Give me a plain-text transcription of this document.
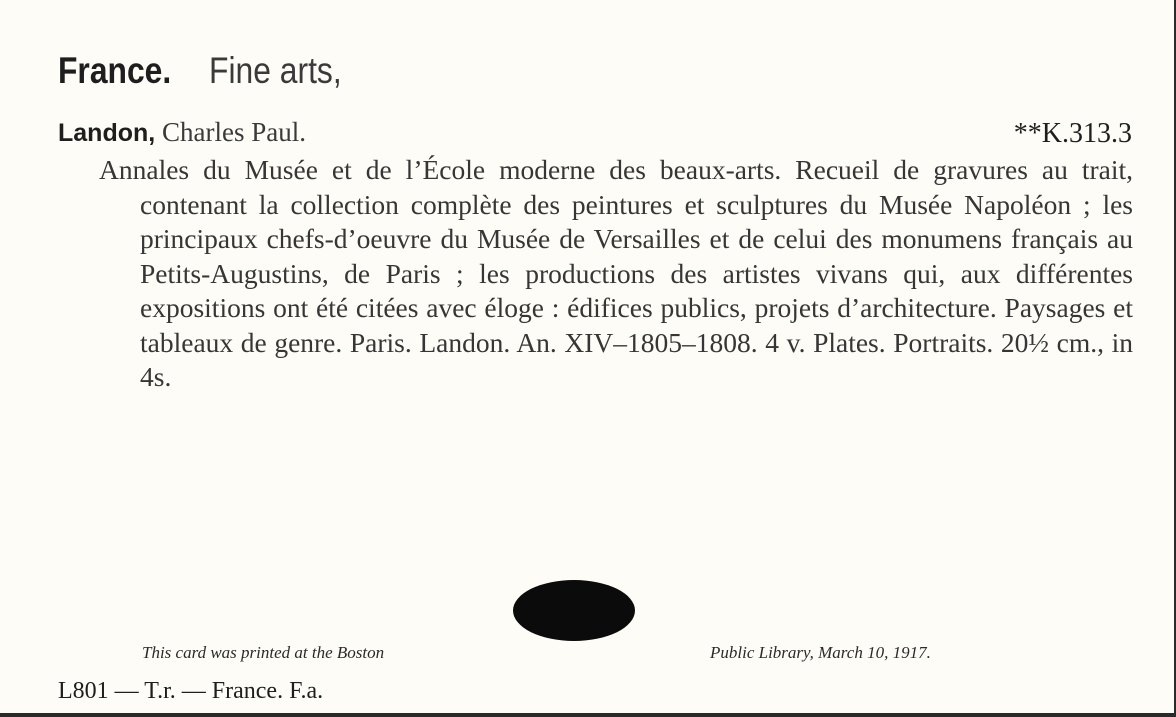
France. Fine arts,
Landon, Charles Paul.	**K.313.3

Annales du Musée et de l’École moderne des beaux-arts. Recueil de gravures au trait, contenant la collection complète des peintures et sculptures du Musée Napoléon ; les principaux chefs-d’oeuvre du Musée de Versailles et de celui des monumens français au Petits-Augustins, de Paris ; les productions des artistes vivans qui, aux différentes expositions ont été citées avec éloge : édifices publics, projets d’architecture. Paysages et tableaux de genre. Paris. Landon. An. XIV–1805–1808. 4 v. Plates. Portraits. 20½ cm., in 4s.

This card was printed at the Boston	Public Library, March 10, 1917.
L801 — T.r. — France. F.a.
